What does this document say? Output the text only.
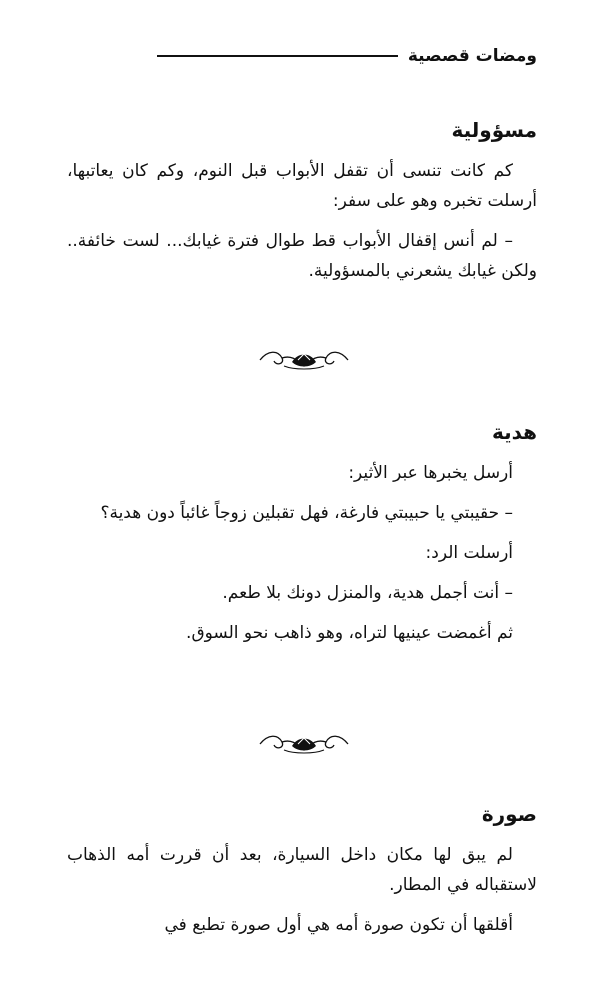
ومضات قصصية
مسؤولية

كم كانت تنسى أن تقفل الأبواب قبل النوم، وكم كان يعاتبها، أرسلت تخبره وهو على سفر:

– لم أنس إقفال الأبواب قط طوال فترة غيابك... لست خائفة.. ولكن غيابك يشعرني بالمسؤولية.

هدية

أرسل يخبرها عبر الأثير:

– حقيبتي يا حبيبتي فارغة، فهل تقبلين زوجاً غائباً دون هدية؟

أرسلت الرد:

– أنت أجمل هدية، والمنزل دونك بلا طعم.

ثم أغمضت عينيها لتراه، وهو ذاهب نحو السوق.

صورة

لم يبق لها مكان داخل السيارة، بعد أن قررت أمه الذهاب لاستقباله في المطار.

أقلقها أن تكون صورة أمه هي أول صورة تطبع في
